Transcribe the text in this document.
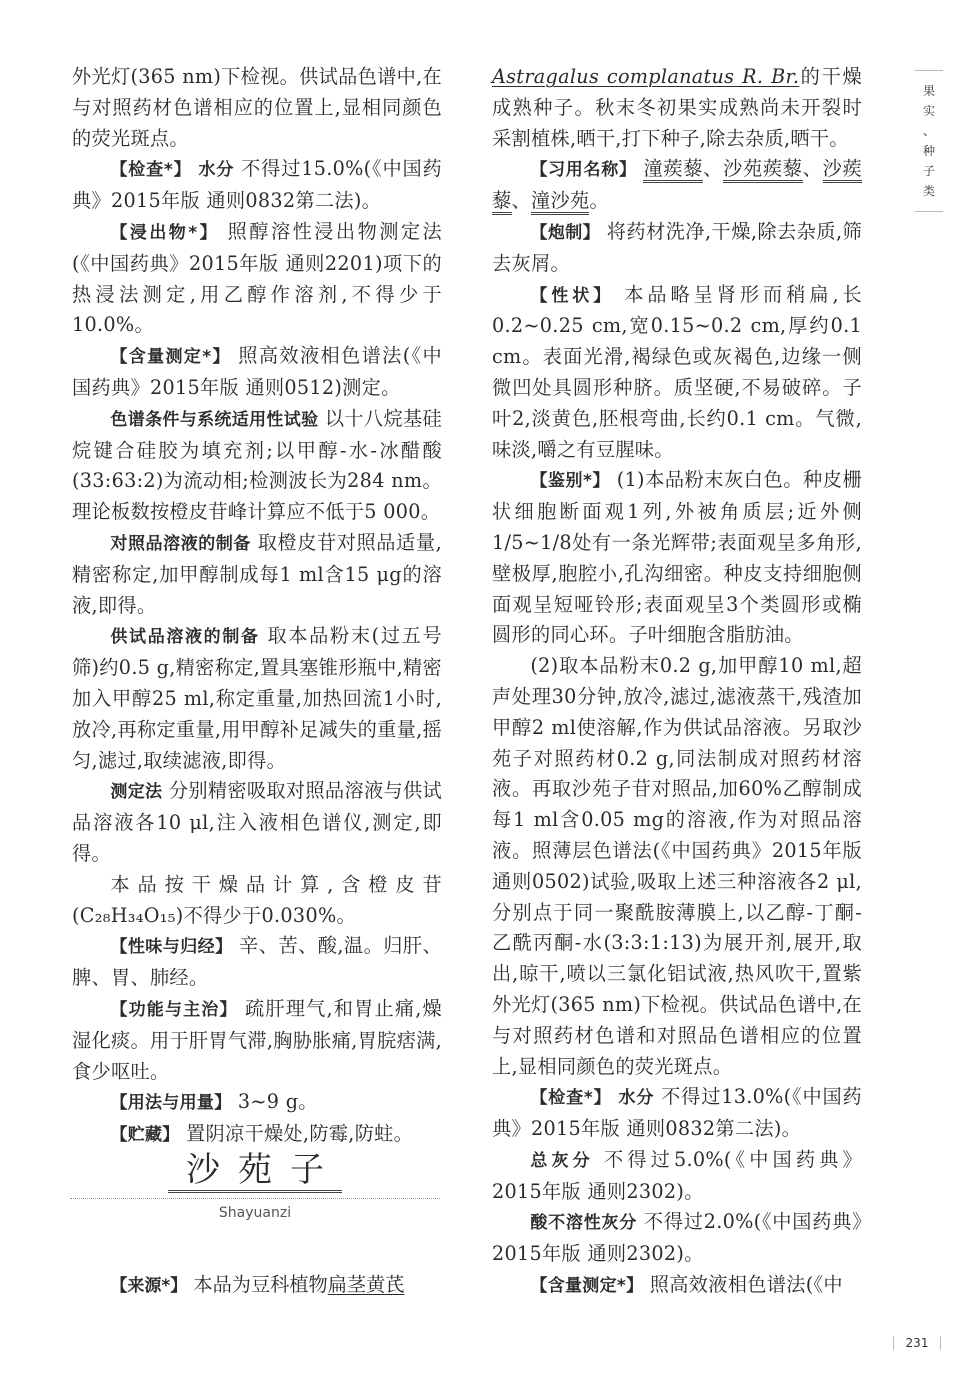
果
实
、
种
子
类

外光灯(365 nm)下检视。供试品色谱中,在与对照药材色谱相应的位置上,显相同颜色的荧光斑点。

【检查*】 水分 不得过15.0%(《中国药典》2015年版 通则0832第二法)。

【浸出物*】 照醇溶性浸出物测定法(《中国药典》2015年版 通则2201)项下的热浸法测定,用乙醇作溶剂,不得少于10.0%。

【含量测定*】 照高效液相色谱法(《中国药典》2015年版 通则0512)测定。

色谱条件与系统适用性试验 以十八烷基硅烷键合硅胶为填充剂;以甲醇-水-冰醋酸(33:63:2)为流动相;检测波长为284 nm。理论板数按橙皮苷峰计算应不低于5 000。

对照品溶液的制备 取橙皮苷对照品适量,精密称定,加甲醇制成每1 ml含15 μg的溶液,即得。

供试品溶液的制备 取本品粉末(过五号筛)约0.5 g,精密称定,置具塞锥形瓶中,精密加入甲醇25 ml,称定重量,加热回流1小时,放冷,再称定重量,用甲醇补足减失的重量,摇匀,滤过,取续滤液,即得。

测定法 分别精密吸取对照品溶液与供试品溶液各10 μl,注入液相色谱仪,测定,即得。

本品按干燥品计算,含橙皮苷(C₂₈H₃₄O₁₅)不得少于0.030%。

【性味与归经】 辛、苦、酸,温。归肝、脾、胃、肺经。

【功能与主治】 疏肝理气,和胃止痛,燥湿化痰。用于肝胃气滞,胸胁胀痛,胃脘痞满,食少呕吐。

【用法与用量】 3~9 g。

【贮藏】 置阴凉干燥处,防霉,防蛀。

沙苑子
Shayuanzi
【来源*】 本品为豆科植物扁茎黄芪

Astragalus complanatus R. Br.的干燥成熟种子。秋末冬初果实成熟尚未开裂时采割植株,晒干,打下种子,除去杂质,晒干。

【习用名称】 潼蒺藜、沙苑蒺藜、沙蒺藜、潼沙苑。

【炮制】 将药材洗净,干燥,除去杂质,筛去灰屑。

【性状】 本品略呈肾形而稍扁,长0.2~0.25 cm,宽0.15~0.2 cm,厚约0.1 cm。表面光滑,褐绿色或灰褐色,边缘一侧微凹处具圆形种脐。质坚硬,不易破碎。子叶2,淡黄色,胚根弯曲,长约0.1 cm。气微,味淡,嚼之有豆腥味。

【鉴别*】 (1)本品粉末灰白色。种皮栅状细胞断面观1列,外被角质层;近外侧1/5~1/8处有一条光辉带;表面观呈多角形,壁极厚,胞腔小,孔沟细密。种皮支持细胞侧面观呈短哑铃形;表面观呈3个类圆形或椭圆形的同心环。子叶细胞含脂肪油。

(2)取本品粉末0.2 g,加甲醇10 ml,超声处理30分钟,放冷,滤过,滤液蒸干,残渣加甲醇2 ml使溶解,作为供试品溶液。另取沙苑子对照药材0.2 g,同法制成对照药材溶液。再取沙苑子苷对照品,加60%乙醇制成每1 ml含0.05 mg的溶液,作为对照品溶液。照薄层色谱法(《中国药典》2015年版 通则0502)试验,吸取上述三种溶液各2 μl,分别点于同一聚酰胺薄膜上,以乙醇-丁酮-乙酰丙酮-水(3:3:1:13)为展开剂,展开,取出,晾干,喷以三氯化铝试液,热风吹干,置紫外光灯(365 nm)下检视。供试品色谱中,在与对照药材色谱和对照品色谱相应的位置上,显相同颜色的荧光斑点。

【检查*】 水分 不得过13.0%(《中国药典》2015年版 通则0832第二法)。

总灰分 不得过5.0%(《中国药典》2015年版 通则2302)。

酸不溶性灰分 不得过2.0%(《中国药典》2015年版 通则2302)。

【含量测定*】 照高效液相色谱法(《中

231
